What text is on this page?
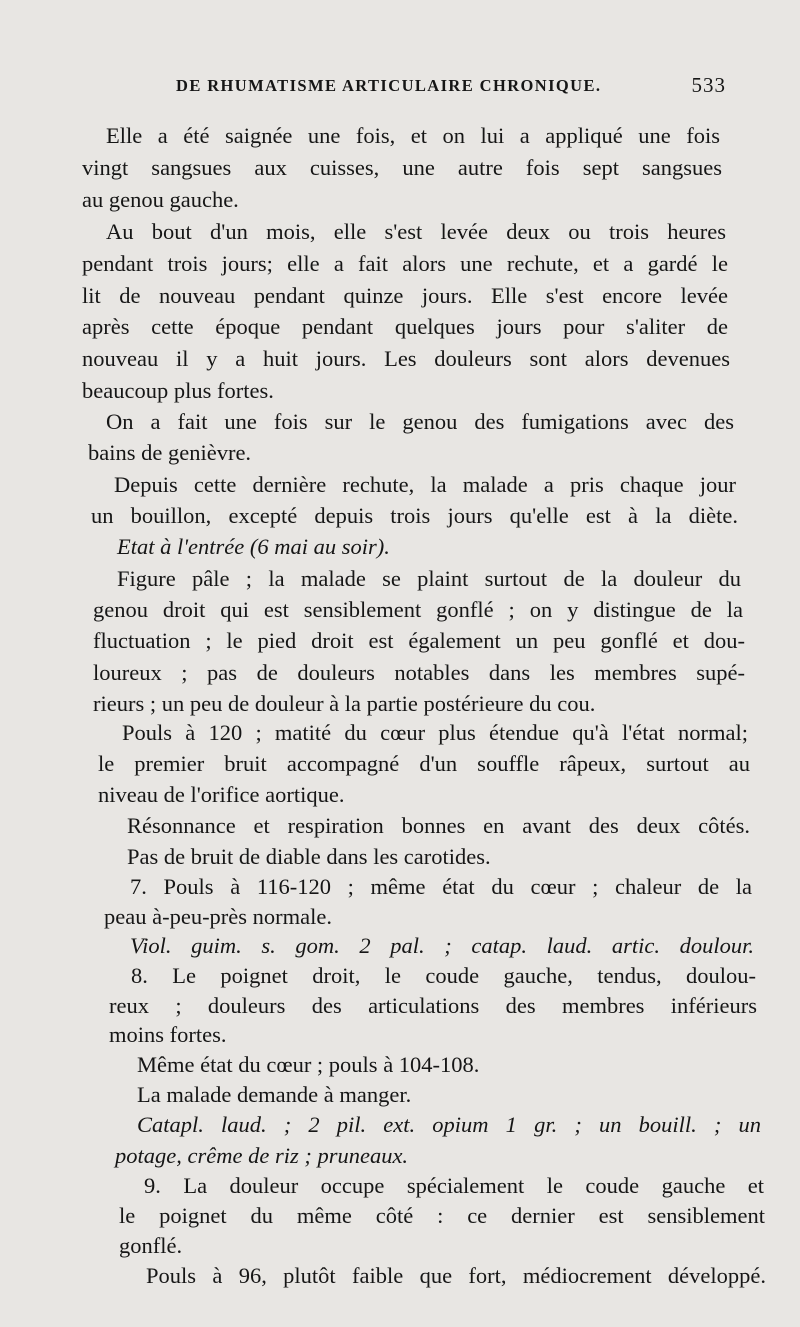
DE RHUMATISME ARTICULAIRE CHRONIQUE.	533
Elle a été saignée une fois, et on lui a appliqué une fois
vingt sangsues aux cuisses, une autre fois sept sangsues
au genou gauche.
Au bout d'un mois, elle s'est levée deux ou trois heures
pendant trois jours; elle a fait alors une rechute, et a gardé le
lit de nouveau pendant quinze jours. Elle s'est encore levée
après cette époque pendant quelques jours pour s'aliter de
nouveau il y a huit jours. Les douleurs sont alors devenues
beaucoup plus fortes.
On a fait une fois sur le genou des fumigations avec des
bains de genièvre.
Depuis cette dernière rechute, la malade a pris chaque jour
un bouillon, excepté depuis trois jours qu'elle est à la diète.
Etat à l'entrée (6 mai au soir).
Figure pâle ; la malade se plaint surtout de la douleur du
genou droit qui est sensiblement gonflé ; on y distingue de la
fluctuation ; le pied droit est également un peu gonflé et dou-
loureux ; pas de douleurs notables dans les membres supé-
rieurs ; un peu de douleur à la partie postérieure du cou.
Pouls à 120 ; matité du cœur plus étendue qu'à l'état normal;
le premier bruit accompagné d'un souffle râpeux, surtout au
niveau de l'orifice aortique.
Résonnance et respiration bonnes en avant des deux côtés.
Pas de bruit de diable dans les carotides.
7. Pouls à 116-120 ; même état du cœur ; chaleur de la
peau à-peu-près normale.
Viol. guim. s. gom. 2 pal. ; catap. laud. artic. doulour.
8. Le poignet droit, le coude gauche, tendus, doulou-
reux ; douleurs des articulations des membres inférieurs
moins fortes.
Même état du cœur ; pouls à 104-108.
La malade demande à manger.
Catapl. laud. ; 2 pil. ext. opium 1 gr. ; un bouill. ; un
potage, crême de riz ; pruneaux.
9. La douleur occupe spécialement le coude gauche et
le poignet du même côté : ce dernier est sensiblement
gonflé.
Pouls à 96, plutôt faible que fort, médiocrement développé.
